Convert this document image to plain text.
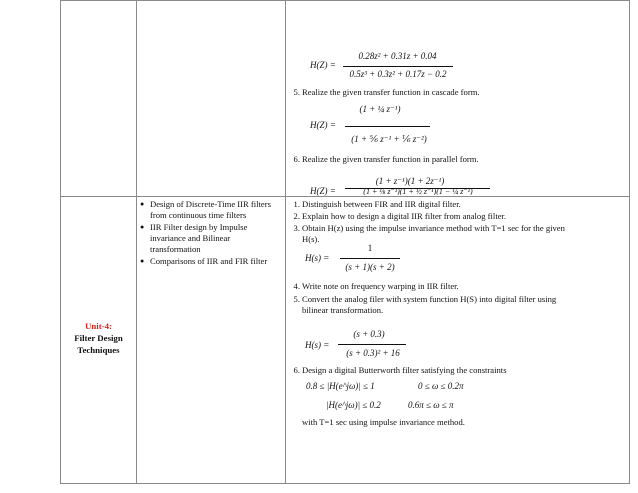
H(Z) =
0.28z² + 0.31z + 0.04
0.5z³ + 0.3z² + 0.17z − 0.2
5. Realize the given transfer function in cascade form.
H(Z) =
(1 + ¼ z⁻¹)
(1 + ⅚ z⁻¹ + ⅙ z⁻²)
6. Realize the given transfer function in parallel form.
H(Z) =
(1 + z⁻¹)(1 + 2z⁻¹)
Unit-4:
Filter Design
Techniques
● Design of Discrete-Time IIR filters
from continuous time filters
● IIR Filter design by Impulse
invariance and Bilinear
transformation
● Comparisons of IIR and FIR filter
1. Distinguish between FIR and IIR digital filter.
2. Explain how to design a digital IIR filter from analog filter.
3. Obtain H(z) using the impulse invariance method with T=1 sec for the given
H(s).
H(s) =
1
(s + 1)(s + 2)
4. Write note on frequency warping in IIR filter.
5. Convert the analog filer with system function H(S) into digital filter using
bilinear transformation.
H(s) =
(s + 0.3)
(s + 0.3)² + 16
6. Design a digital Butterworth filter satisfying the constraints
0.8 ≤ |H(e^jω)| ≤ 1	0 ≤ ω ≤ 0.2π
|H(e^jω)| ≤ 0.2	0.6π ≤ ω ≤ π
with T=1 sec using impulse invariance method.
(1 + ⅛ z⁻¹)(1 + ½ z⁻¹)(1 − ¼ z⁻¹)
